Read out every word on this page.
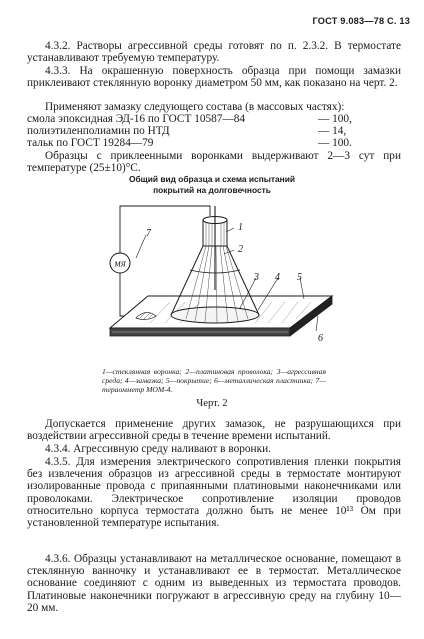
ГОСТ 9.083—78 С. 13

4.3.2. Растворы агрессивной среды готовят по п. 2.3.2. В термостате устанавливают требуемую температуру.

4.3.3. На окрашенную поверхность образца при помощи замазки приклеивают стеклянную воронку диаметром 50 мм, как показано на черт. 2.

Применяют замазку следующего состава (в массовых частях):

смола эпоксидная ЭД-16 по ГОСТ 10587—84	— 100,
полиэтиленполиамин по НТД	— 14,
тальк по ГОСТ 19284—79	— 100.

Образцы с приклеенными воронками выдерживают 2—3 сут при температуре (25±10)°С.

Общий вид образца и схема испытаний
покрытий на долговечность
МЯ
1
2
3 4 5
6
7
1—стеклянная воронка; 2—платиновая проволока; 3—агрессивная среда; 4—замазка; 5—покрытие; 6—металлическая пластинка; 7—тераомметр МОМ-4.
Черт. 2

Допускается применение других замазок, не разрушающихся при воздействии агрессивной среды в течение времени испытаний.

4.3.4. Агрессивную среду наливают в воронки.

4.3.5. Для измерения электрического сопротивления пленки покрытия без извлечения образцов из агрессивной среды в термостате монтируют изолированные провода с припаянными платиновыми наконечниками или проволоками. Электрическое сопротивление изоляции проводов относительно корпуса термостата должно быть не менее 10¹³ Ом при установленной температуре испытания.

4.3.6. Образцы устанавливают на металлическое основание, помещают в стеклянную ванночку и устанавливают ее в термостат. Металлическое основание соединяют с одним из выведенных из термостата проводов. Платиновые наконечники погружают в агрессивную среду на глубину 10—20 мм.
